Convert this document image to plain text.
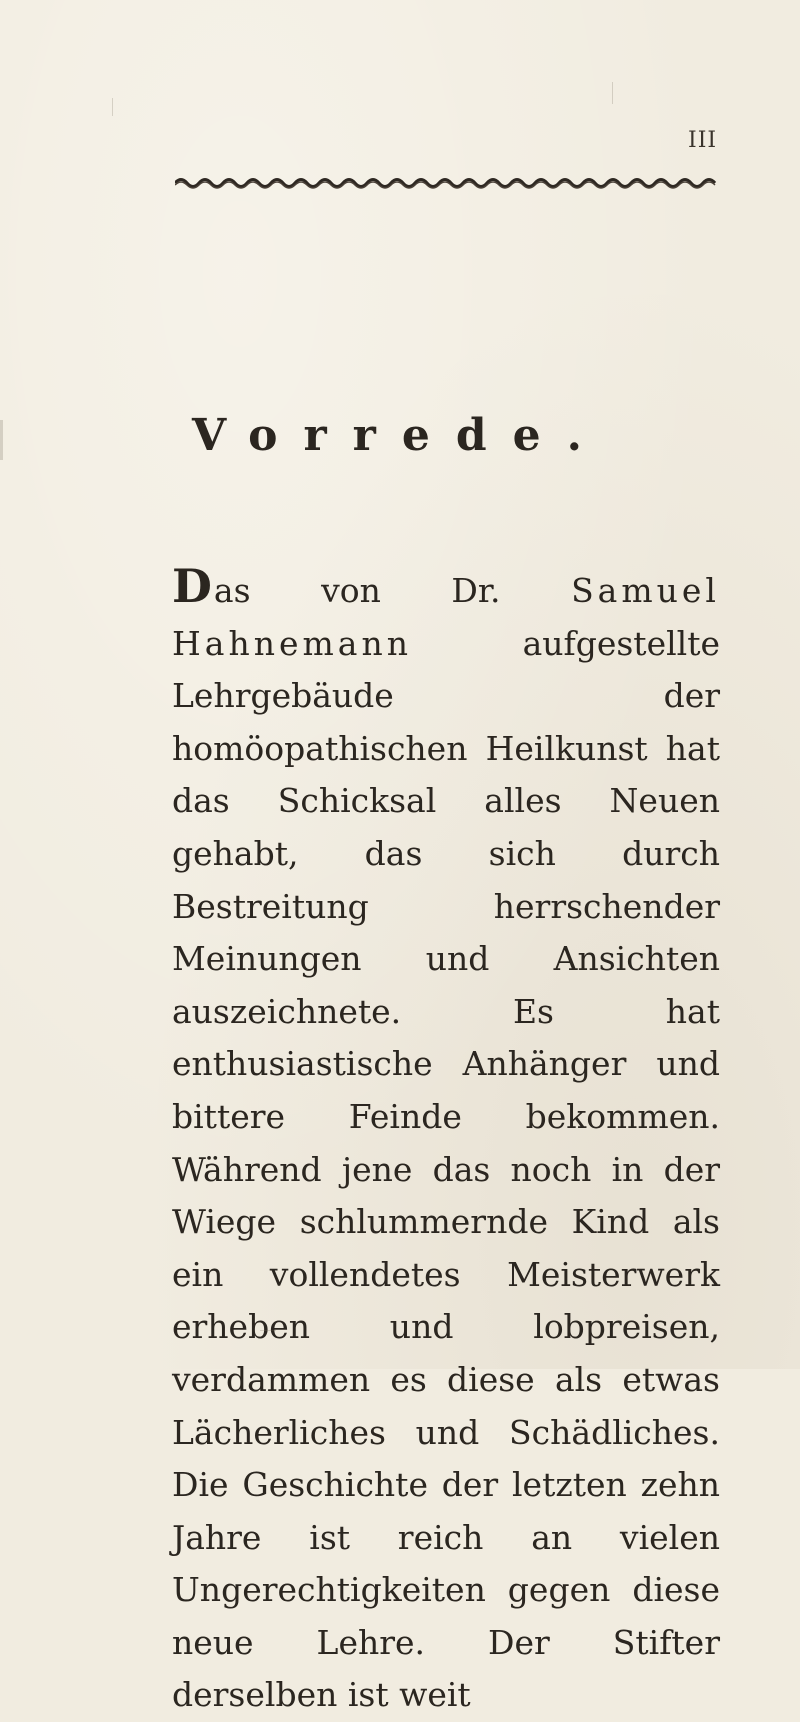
III
Vorrede.

Das von Dr. Samuel Hahnemann	aufgestellte Lehrgebäude der homöopathischen Heilkunst hat das Schicksal alles Neuen gehabt, das sich durch Bestreitung herrschender Meinungen und Ansichten auszeichnete. Es hat enthusiastische Anhänger und bittere Feinde bekommen. Während jene das noch in der Wiege schlummernde Kind als ein vollendetes Meisterwerk erheben und lobpreisen, verdammen es diese als etwas Lächerliches und Schädliches. Die Geschichte der letzten zehn Jahre ist reich an vielen Ungerechtigkeiten gegen diese neue Lehre. Der Stifter derselben ist weit
